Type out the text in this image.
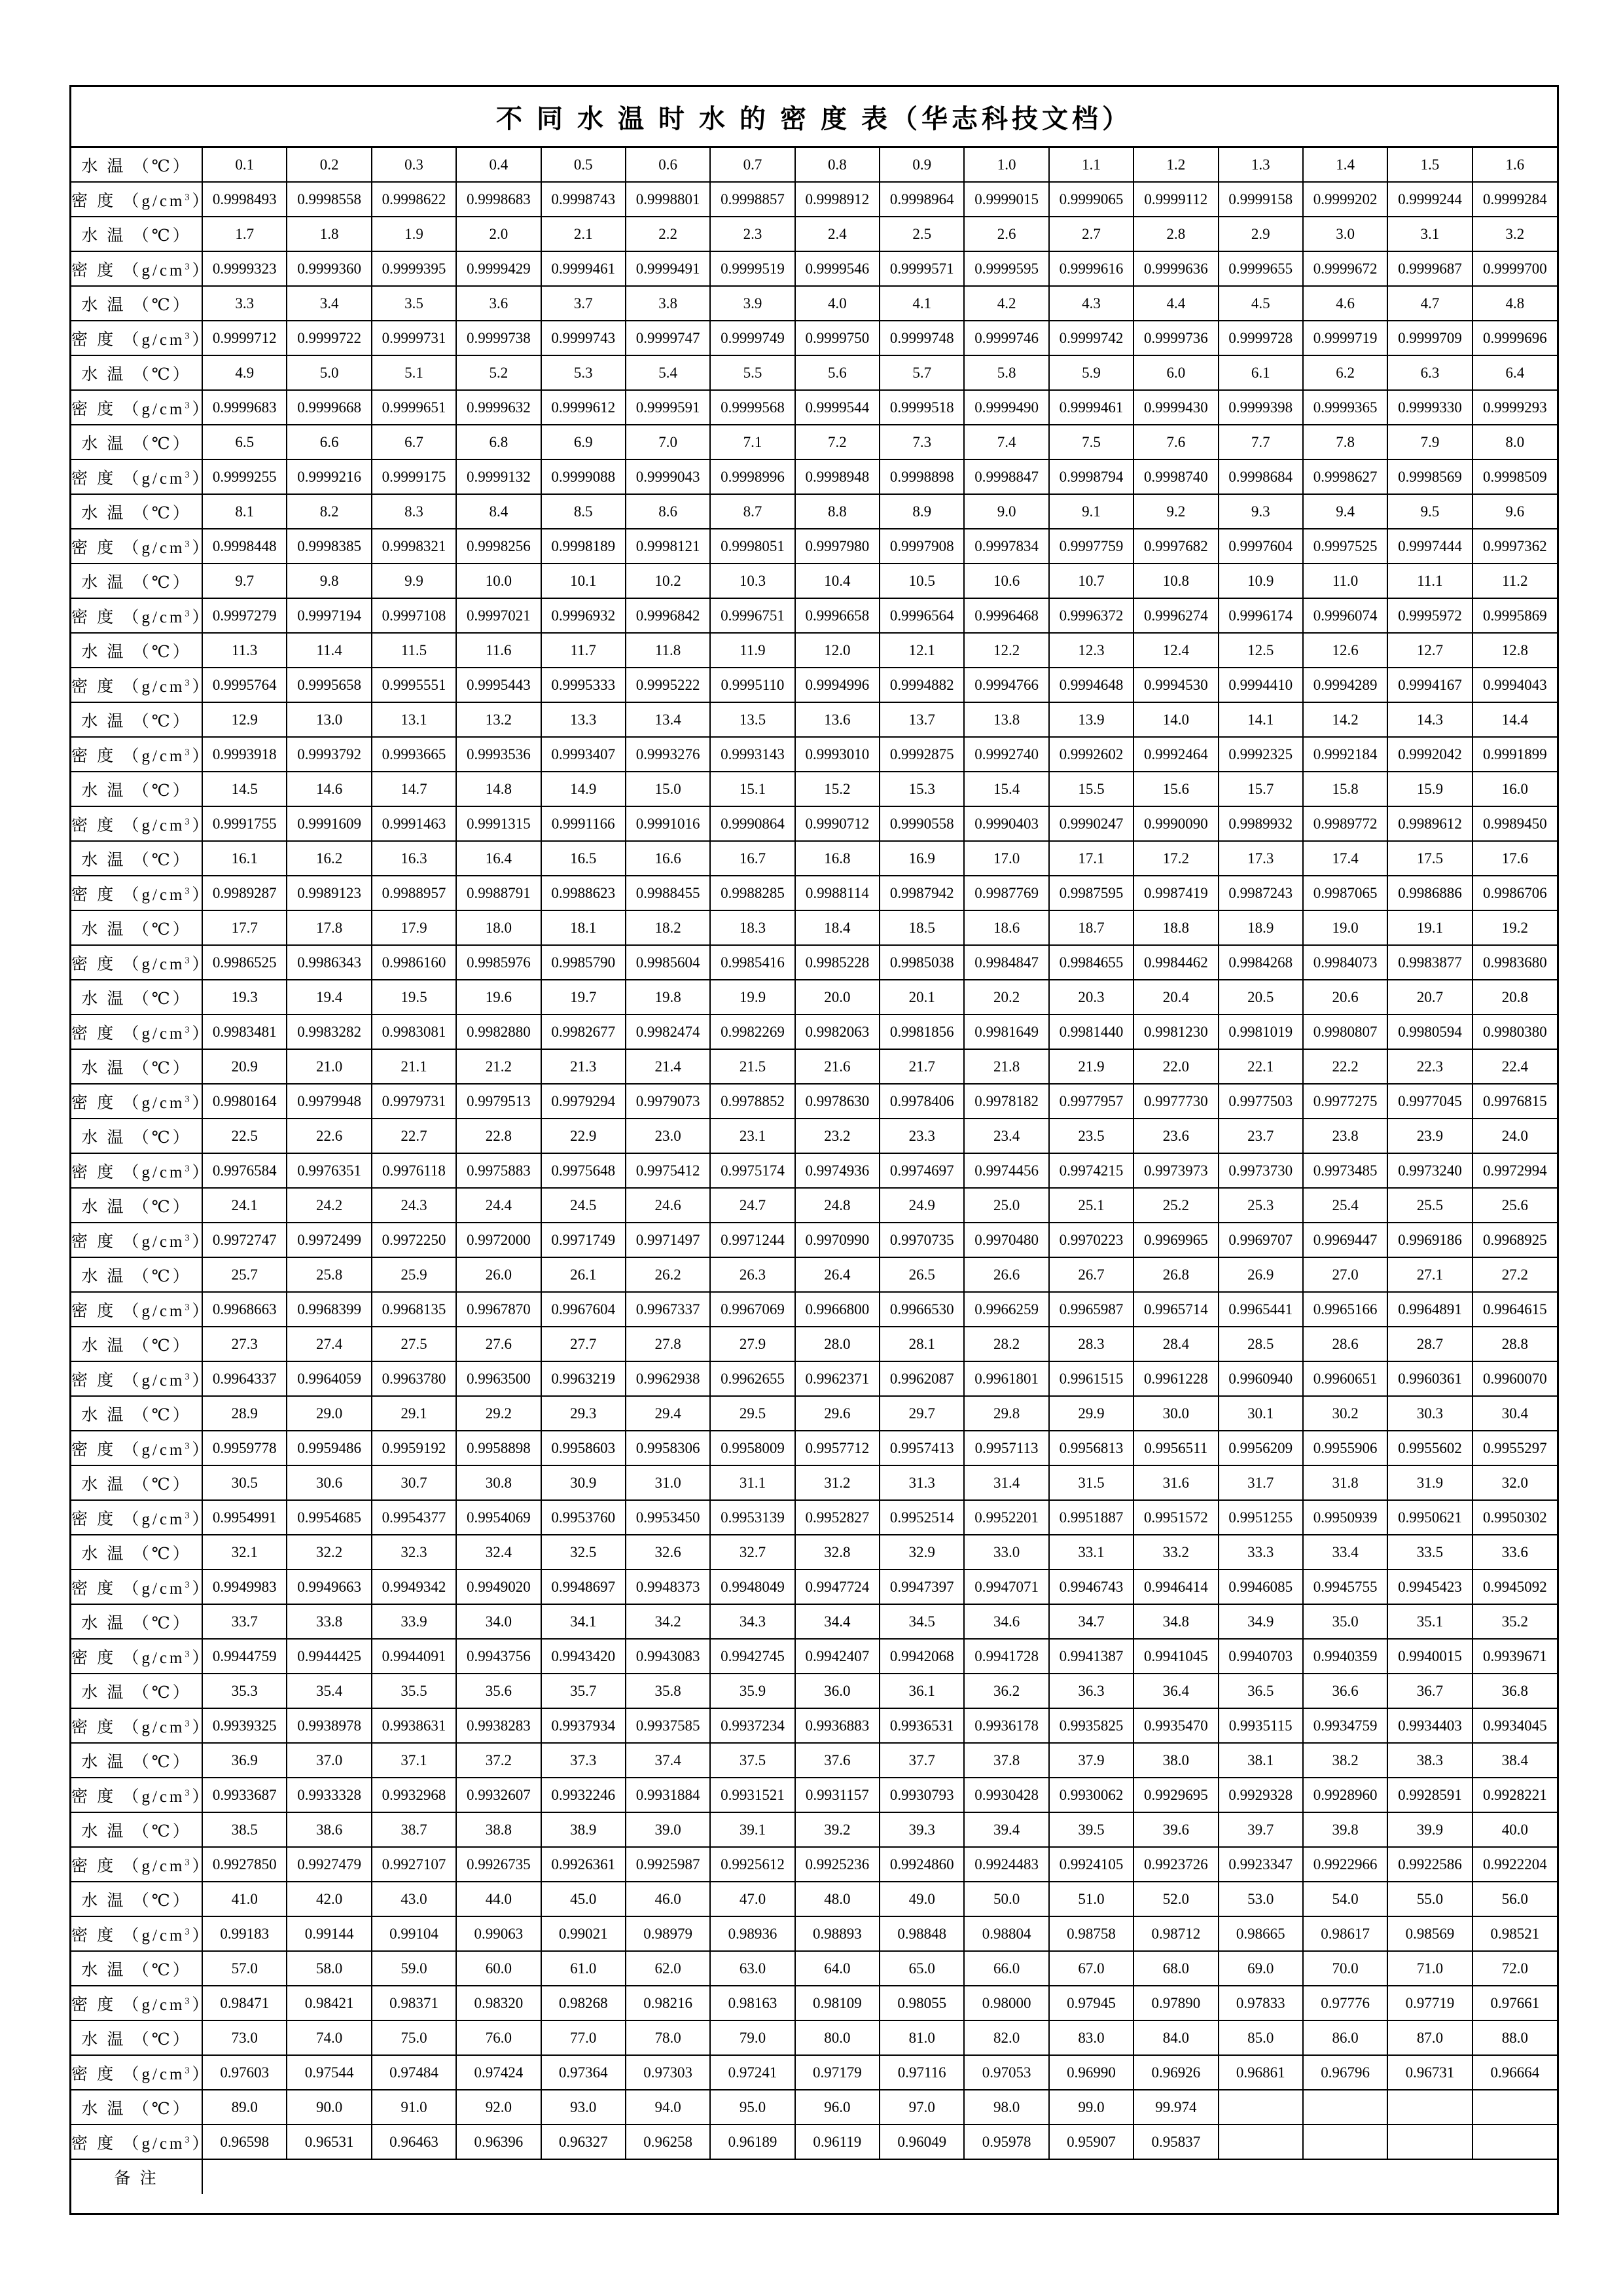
不 同 水 温 时 水 的 密 度 表（华志科技文档）
水 温 （℃）	0.1	0.2	0.3	0.4	0.5	0.6	0.7	0.8	0.9	1.0	1.1	1.2	1.3	1.4	1.5	1.6
密 度 $(g/cm^3)$	0.9998493	0.9998558	0.9998622	0.9998683	0.9998743	0.9998801	0.9998857	0.9998912	0.9998964	0.9999015	0.9999065	0.9999112	0.9999158	0.9999202	0.9999244	0.9999284
水 温 （℃）	1.7	1.8	1.9	2.0	2.1	2.2	2.3	2.4	2.5	2.6	2.7	2.8	2.9	3.0	3.1	3.2
密 度 $(g/cm^3)$	0.9999323	0.9999360	0.9999395	0.9999429	0.9999461	0.9999491	0.9999519	0.9999546	0.9999571	0.9999595	0.9999616	0.9999636	0.9999655	0.9999672	0.9999687	0.9999700
水 温 （℃）	3.3	3.4	3.5	3.6	3.7	3.8	3.9	4.0	4.1	4.2	4.3	4.4	4.5	4.6	4.7	4.8
密 度 $(g/cm^3)$	0.9999712	0.9999722	0.9999731	0.9999738	0.9999743	0.9999747	0.9999749	0.9999750	0.9999748	0.9999746	0.9999742	0.9999736	0.9999728	0.9999719	0.9999709	0.9999696
水 温 （℃）	4.9	5.0	5.1	5.2	5.3	5.4	5.5	5.6	5.7	5.8	5.9	6.0	6.1	6.2	6.3	6.4
密 度 $(g/cm^3)$	0.9999683	0.9999668	0.9999651	0.9999632	0.9999612	0.9999591	0.9999568	0.9999544	0.9999518	0.9999490	0.9999461	0.9999430	0.9999398	0.9999365	0.9999330	0.9999293
水 温 （℃）	6.5	6.6	6.7	6.8	6.9	7.0	7.1	7.2	7.3	7.4	7.5	7.6	7.7	7.8	7.9	8.0
密 度 $(g/cm^3)$	0.9999255	0.9999216	0.9999175	0.9999132	0.9999088	0.9999043	0.9998996	0.9998948	0.9998898	0.9998847	0.9998794	0.9998740	0.9998684	0.9998627	0.9998569	0.9998509
水 温 （℃）	8.1	8.2	8.3	8.4	8.5	8.6	8.7	8.8	8.9	9.0	9.1	9.2	9.3	9.4	9.5	9.6
密 度 $(g/cm^3)$	0.9998448	0.9998385	0.9998321	0.9998256	0.9998189	0.9998121	0.9998051	0.9997980	0.9997908	0.9997834	0.9997759	0.9997682	0.9997604	0.9997525	0.9997444	0.9997362
水 温 （℃）	9.7	9.8	9.9	10.0	10.1	10.2	10.3	10.4	10.5	10.6	10.7	10.8	10.9	11.0	11.1	11.2
密 度 $(g/cm^3)$	0.9997279	0.9997194	0.9997108	0.9997021	0.9996932	0.9996842	0.9996751	0.9996658	0.9996564	0.9996468	0.9996372	0.9996274	0.9996174	0.9996074	0.9995972	0.9995869
水 温 （℃）	11.3	11.4	11.5	11.6	11.7	11.8	11.9	12.0	12.1	12.2	12.3	12.4	12.5	12.6	12.7	12.8
密 度 $(g/cm^3)$	0.9995764	0.9995658	0.9995551	0.9995443	0.9995333	0.9995222	0.9995110	0.9994996	0.9994882	0.9994766	0.9994648	0.9994530	0.9994410	0.9994289	0.9994167	0.9994043
水 温 （℃）	12.9	13.0	13.1	13.2	13.3	13.4	13.5	13.6	13.7	13.8	13.9	14.0	14.1	14.2	14.3	14.4
密 度 $(g/cm^3)$	0.9993918	0.9993792	0.9993665	0.9993536	0.9993407	0.9993276	0.9993143	0.9993010	0.9992875	0.9992740	0.9992602	0.9992464	0.9992325	0.9992184	0.9992042	0.9991899
水 温 （℃）	14.5	14.6	14.7	14.8	14.9	15.0	15.1	15.2	15.3	15.4	15.5	15.6	15.7	15.8	15.9	16.0
密 度 $(g/cm^3)$	0.9991755	0.9991609	0.9991463	0.9991315	0.9991166	0.9991016	0.9990864	0.9990712	0.9990558	0.9990403	0.9990247	0.9990090	0.9989932	0.9989772	0.9989612	0.9989450
水 温 （℃）	16.1	16.2	16.3	16.4	16.5	16.6	16.7	16.8	16.9	17.0	17.1	17.2	17.3	17.4	17.5	17.6
密 度 $(g/cm^3)$	0.9989287	0.9989123	0.9988957	0.9988791	0.9988623	0.9988455	0.9988285	0.9988114	0.9987942	0.9987769	0.9987595	0.9987419	0.9987243	0.9987065	0.9986886	0.9986706
水 温 （℃）	17.7	17.8	17.9	18.0	18.1	18.2	18.3	18.4	18.5	18.6	18.7	18.8	18.9	19.0	19.1	19.2
密 度 $(g/cm^3)$	0.9986525	0.9986343	0.9986160	0.9985976	0.9985790	0.9985604	0.9985416	0.9985228	0.9985038	0.9984847	0.9984655	0.9984462	0.9984268	0.9984073	0.9983877	0.9983680
水 温 （℃）	19.3	19.4	19.5	19.6	19.7	19.8	19.9	20.0	20.1	20.2	20.3	20.4	20.5	20.6	20.7	20.8
密 度 $(g/cm^3)$	0.9983481	0.9983282	0.9983081	0.9982880	0.9982677	0.9982474	0.9982269	0.9982063	0.9981856	0.9981649	0.9981440	0.9981230	0.9981019	0.9980807	0.9980594	0.9980380
水 温 （℃）	20.9	21.0	21.1	21.2	21.3	21.4	21.5	21.6	21.7	21.8	21.9	22.0	22.1	22.2	22.3	22.4
密 度 $(g/cm^3)$	0.9980164	0.9979948	0.9979731	0.9979513	0.9979294	0.9979073	0.9978852	0.9978630	0.9978406	0.9978182	0.9977957	0.9977730	0.9977503	0.9977275	0.9977045	0.9976815
水 温 （℃）	22.5	22.6	22.7	22.8	22.9	23.0	23.1	23.2	23.3	23.4	23.5	23.6	23.7	23.8	23.9	24.0
密 度 $(g/cm^3)$	0.9976584	0.9976351	0.9976118	0.9975883	0.9975648	0.9975412	0.9975174	0.9974936	0.9974697	0.9974456	0.9974215	0.9973973	0.9973730	0.9973485	0.9973240	0.9972994
水 温 （℃）	24.1	24.2	24.3	24.4	24.5	24.6	24.7	24.8	24.9	25.0	25.1	25.2	25.3	25.4	25.5	25.6
密 度 $(g/cm^3)$	0.9972747	0.9972499	0.9972250	0.9972000	0.9971749	0.9971497	0.9971244	0.9970990	0.9970735	0.9970480	0.9970223	0.9969965	0.9969707	0.9969447	0.9969186	0.9968925
水 温 （℃）	25.7	25.8	25.9	26.0	26.1	26.2	26.3	26.4	26.5	26.6	26.7	26.8	26.9	27.0	27.1	27.2
密 度 $(g/cm^3)$	0.9968663	0.9968399	0.9968135	0.9967870	0.9967604	0.9967337	0.9967069	0.9966800	0.9966530	0.9966259	0.9965987	0.9965714	0.9965441	0.9965166	0.9964891	0.9964615
水 温 （℃）	27.3	27.4	27.5	27.6	27.7	27.8	27.9	28.0	28.1	28.2	28.3	28.4	28.5	28.6	28.7	28.8
密 度 $(g/cm^3)$	0.9964337	0.9964059	0.9963780	0.9963500	0.9963219	0.9962938	0.9962655	0.9962371	0.9962087	0.9961801	0.9961515	0.9961228	0.9960940	0.9960651	0.9960361	0.9960070
水 温 （℃）	28.9	29.0	29.1	29.2	29.3	29.4	29.5	29.6	29.7	29.8	29.9	30.0	30.1	30.2	30.3	30.4
密 度 $(g/cm^3)$	0.9959778	0.9959486	0.9959192	0.9958898	0.9958603	0.9958306	0.9958009	0.9957712	0.9957413	0.9957113	0.9956813	0.9956511	0.9956209	0.9955906	0.9955602	0.9955297
水 温 （℃）	30.5	30.6	30.7	30.8	30.9	31.0	31.1	31.2	31.3	31.4	31.5	31.6	31.7	31.8	31.9	32.0
密 度 $(g/cm^3)$	0.9954991	0.9954685	0.9954377	0.9954069	0.9953760	0.9953450	0.9953139	0.9952827	0.9952514	0.9952201	0.9951887	0.9951572	0.9951255	0.9950939	0.9950621	0.9950302
水 温 （℃）	32.1	32.2	32.3	32.4	32.5	32.6	32.7	32.8	32.9	33.0	33.1	33.2	33.3	33.4	33.5	33.6
密 度 $(g/cm^3)$	0.9949983	0.9949663	0.9949342	0.9949020	0.9948697	0.9948373	0.9948049	0.9947724	0.9947397	0.9947071	0.9946743	0.9946414	0.9946085	0.9945755	0.9945423	0.9945092
水 温 （℃）	33.7	33.8	33.9	34.0	34.1	34.2	34.3	34.4	34.5	34.6	34.7	34.8	34.9	35.0	35.1	35.2
密 度 $(g/cm^3)$	0.9944759	0.9944425	0.9944091	0.9943756	0.9943420	0.9943083	0.9942745	0.9942407	0.9942068	0.9941728	0.9941387	0.9941045	0.9940703	0.9940359	0.9940015	0.9939671
水 温 （℃）	35.3	35.4	35.5	35.6	35.7	35.8	35.9	36.0	36.1	36.2	36.3	36.4	36.5	36.6	36.7	36.8
密 度 $(g/cm^3)$	0.9939325	0.9938978	0.9938631	0.9938283	0.9937934	0.9937585	0.9937234	0.9936883	0.9936531	0.9936178	0.9935825	0.9935470	0.9935115	0.9934759	0.9934403	0.9934045
水 温 （℃）	36.9	37.0	37.1	37.2	37.3	37.4	37.5	37.6	37.7	37.8	37.9	38.0	38.1	38.2	38.3	38.4
密 度 $(g/cm^3)$	0.9933687	0.9933328	0.9932968	0.9932607	0.9932246	0.9931884	0.9931521	0.9931157	0.9930793	0.9930428	0.9930062	0.9929695	0.9929328	0.9928960	0.9928591	0.9928221
水 温 （℃）	38.5	38.6	38.7	38.8	38.9	39.0	39.1	39.2	39.3	39.4	39.5	39.6	39.7	39.8	39.9	40.0
密 度 $(g/cm^3)$	0.9927850	0.9927479	0.9927107	0.9926735	0.9926361	0.9925987	0.9925612	0.9925236	0.9924860	0.9924483	0.9924105	0.9923726	0.9923347	0.9922966	0.9922586	0.9922204
水 温 （℃）	41.0	42.0	43.0	44.0	45.0	46.0	47.0	48.0	49.0	50.0	51.0	52.0	53.0	54.0	55.0	56.0
密 度 $(g/cm^3)$	0.99183	0.99144	0.99104	0.99063	0.99021	0.98979	0.98936	0.98893	0.98848	0.98804	0.98758	0.98712	0.98665	0.98617	0.98569	0.98521
水 温 （℃）	57.0	58.0	59.0	60.0	61.0	62.0	63.0	64.0	65.0	66.0	67.0	68.0	69.0	70.0	71.0	72.0
密 度 $(g/cm^3)$	0.98471	0.98421	0.98371	0.98320	0.98268	0.98216	0.98163	0.98109	0.98055	0.98000	0.97945	0.97890	0.97833	0.97776	0.97719	0.97661
水 温 （℃）	73.0	74.0	75.0	76.0	77.0	78.0	79.0	80.0	81.0	82.0	83.0	84.0	85.0	86.0	87.0	88.0
密 度 $(g/cm^3)$	0.97603	0.97544	0.97484	0.97424	0.97364	0.97303	0.97241	0.97179	0.97116	0.97053	0.96990	0.96926	0.96861	0.96796	0.96731	0.96664
水 温 （℃）	89.0	90.0	91.0	92.0	93.0	94.0	95.0	96.0	97.0	98.0	99.0	99.974				
密 度 $(g/cm^3)$	0.96598	0.96531	0.96463	0.96396	0.96327	0.96258	0.96189	0.96119	0.96049	0.95978	0.95907	0.95837				
备 注																
